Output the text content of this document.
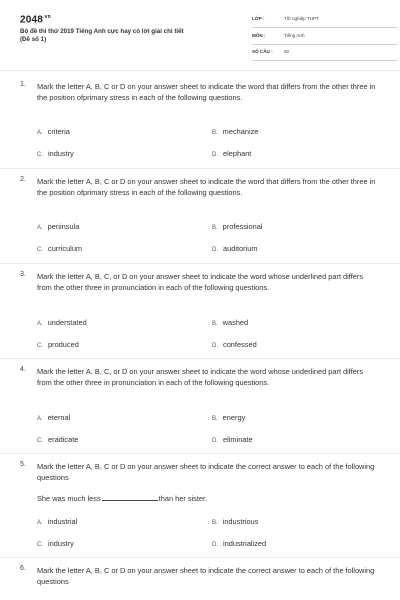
$2048^{.vn}$
Bộ đề thi thử 2019 Tiếng Anh cực hay có lời giải chi tiết
(Đề số 1)
LỚP :	Tốt nghiệp THPT
MÔN :	Tiếng Anh
SỐ CÂU : 50
1. Mark the letter A, B, C or D on your answer sheet to indicate the word that differs from the other three in the position ofprimary stress in each of the following questions.
A. criteria	B. mechanize
C. industry	D. elephant
2. Mark the letter A, B, C or D on your answer sheet to indicate the word that differs from the other three in the position ofprimary stress in each of the following questions.
A. peninsula	B. professional
C. curriculum	D. auditorium
3. Mark the letter A, B, C, or D on your answer sheet to indicate the word whose underlined part differs from the other three in pronunciation in each of the following questions.
A. understated	B. washed
C. produced	D. confessed
4. Mark the letter A, B, C, or D on your answer sheet to indicate the word whose underlined part differs from the other three in pronunciation in each of the following questions.
A. eternal	B. energy
C. eradicate	D. eliminate
5. Mark the letter A, B, C or D on your answer sheet to indicate the correct answer to each of the following questions
She was much less	than her sister.
A. industrial	B. industrious
C. industry	D. industrialized
6. Mark the letter A, B, C or D on your answer sheet to indicate the correct answer to each of the following questions
